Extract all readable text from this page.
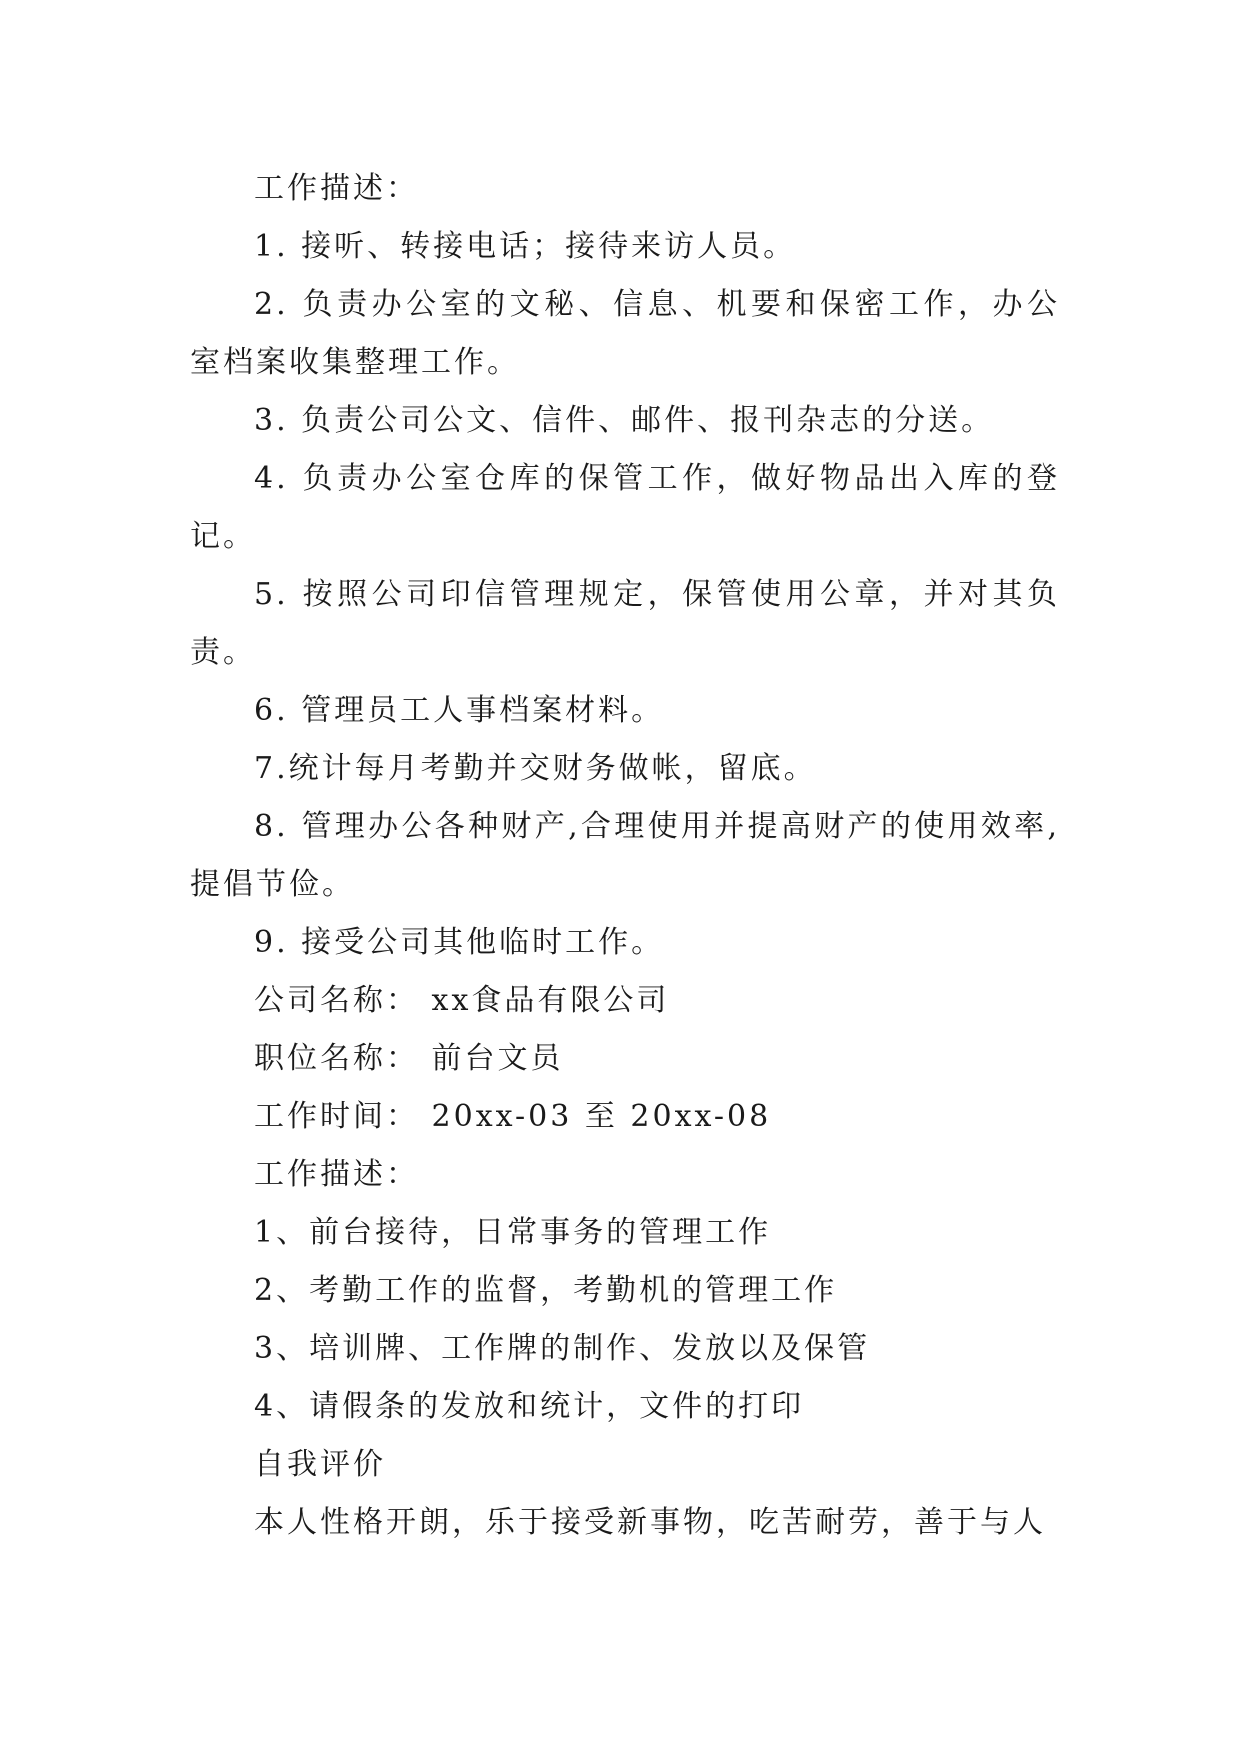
工作描述：

1. 接听、转接电话；接待来访人员。

2. 负责办公室的文秘、信息、机要和保密工作，办公室档案收集整理工作。

3. 负责公司公文、信件、邮件、报刊杂志的分送。

4. 负责办公室仓库的保管工作，做好物品出入库的登记。

5. 按照公司印信管理规定，保管使用公章，并对其负责。

6. 管理员工人事档案材料。

7.统计每月考勤并交财务做帐，留底。

8. 管理办公各种财产,合理使用并提高财产的使用效率,提倡节俭。

9. 接受公司其他临时工作。

公司名称： xx食品有限公司

职位名称： 前台文员

工作时间： 20xx-03 至 20xx-08

工作描述：

1、前台接待，日常事务的管理工作

2、考勤工作的监督，考勤机的管理工作

3、培训牌、工作牌的制作、发放以及保管

4、请假条的发放和统计，文件的打印

自我评价

本人性格开朗，乐于接受新事物，吃苦耐劳，善于与人
